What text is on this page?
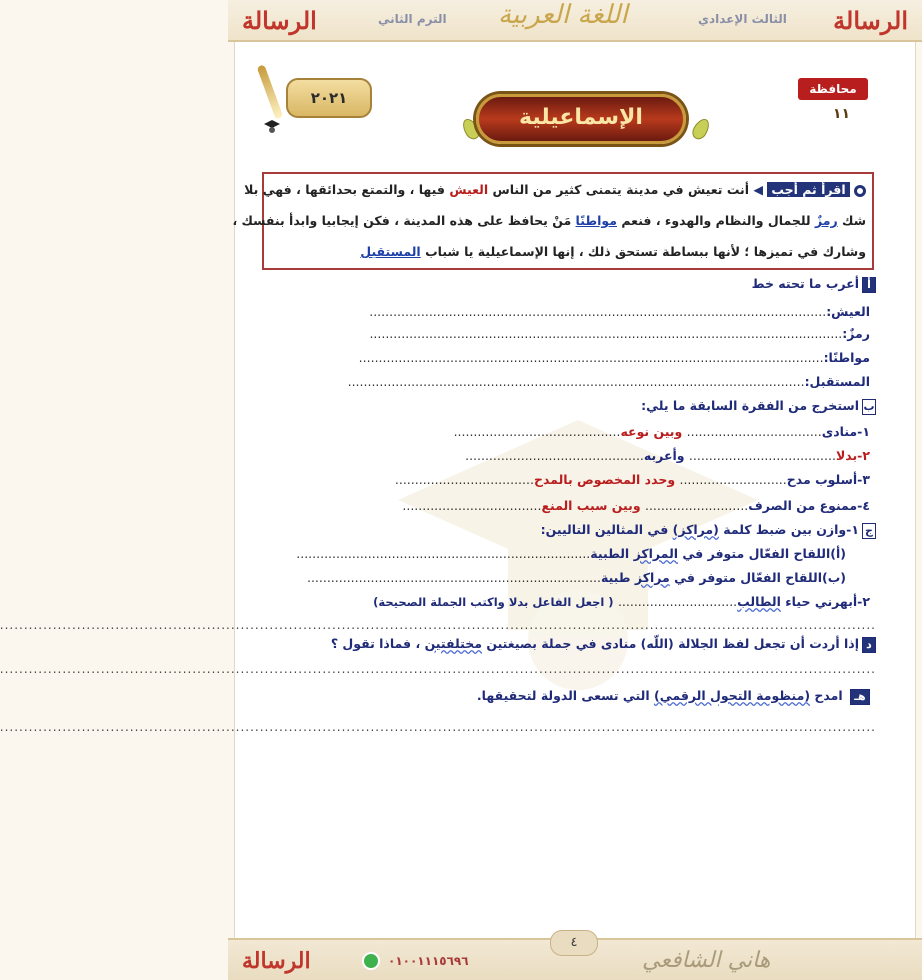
الرسالة	الترم الثاني اللغة العربية	الثالث الإعدادي الرسالة
محافظة
١١
٢٠٢١
الإسماعيلية
اقرأ ثم أجب ◀ أنت تعيش في مدينة يتمنى كثير من الناس العيش فيها ، والتمتع بحدائقها ، فهي بلا
شك رمزٌ للجمال والنظام والهدوء ، فنعم مواطنًا مَنْ يحافظ على هذه المدينة ، فكن إيجابيا وابدأ بنفسك ،
وشارك في تميزها ؛ لأنها ببساطة تستحق ذلك ، إنها الإسماعيلية يا شباب المستقبل
أأعرب ما تحته خط
العيش:...................................................................................................................
رمزٌ:.......................................................................................................................
مواطنًا:.....................................................................................................................
المستقبل:...................................................................................................................
باستخرج من الفقرة السابقة ما يلي:
١-منادى.................................. وبين نوعه..........................................
٢-بدلا..................................... وأعربه.............................................
٣-أسلوب مدح........................... وحدد المخصوص بالمدح...................................
٤-ممنوع من الصرف.......................... وبين سبب المنع...................................
ج١-وازن بين ضبط كلمة (مراكز) في المثالين التاليين:
(أ)اللقاح الفعّال متوفر في المراكز الطبية..........................................................................
(ب)اللقاح الفعّال متوفر في مراكز طبية..........................................................................
٢-أبهرني حياء الطالب.............................. ( اجعل الفاعل بدلا واكتب الجملة الصحيحة)
......................................................................................................................................................................................
دإذا أردت أن تجعل لفظ الجلالة (اللّه) منادى في جملة بصيغتين مختلفتين ، فماذا تقول ؟
......................................................................................................................................................................................
هـ امدح (منظومة التحول الرقمي) التي تسعى الدولة لتحقيقها.
......................................................................................................................................................................................
٤
الرسالة	٠١٠٠١١١٥٦٩٦	هاني الشافعي
